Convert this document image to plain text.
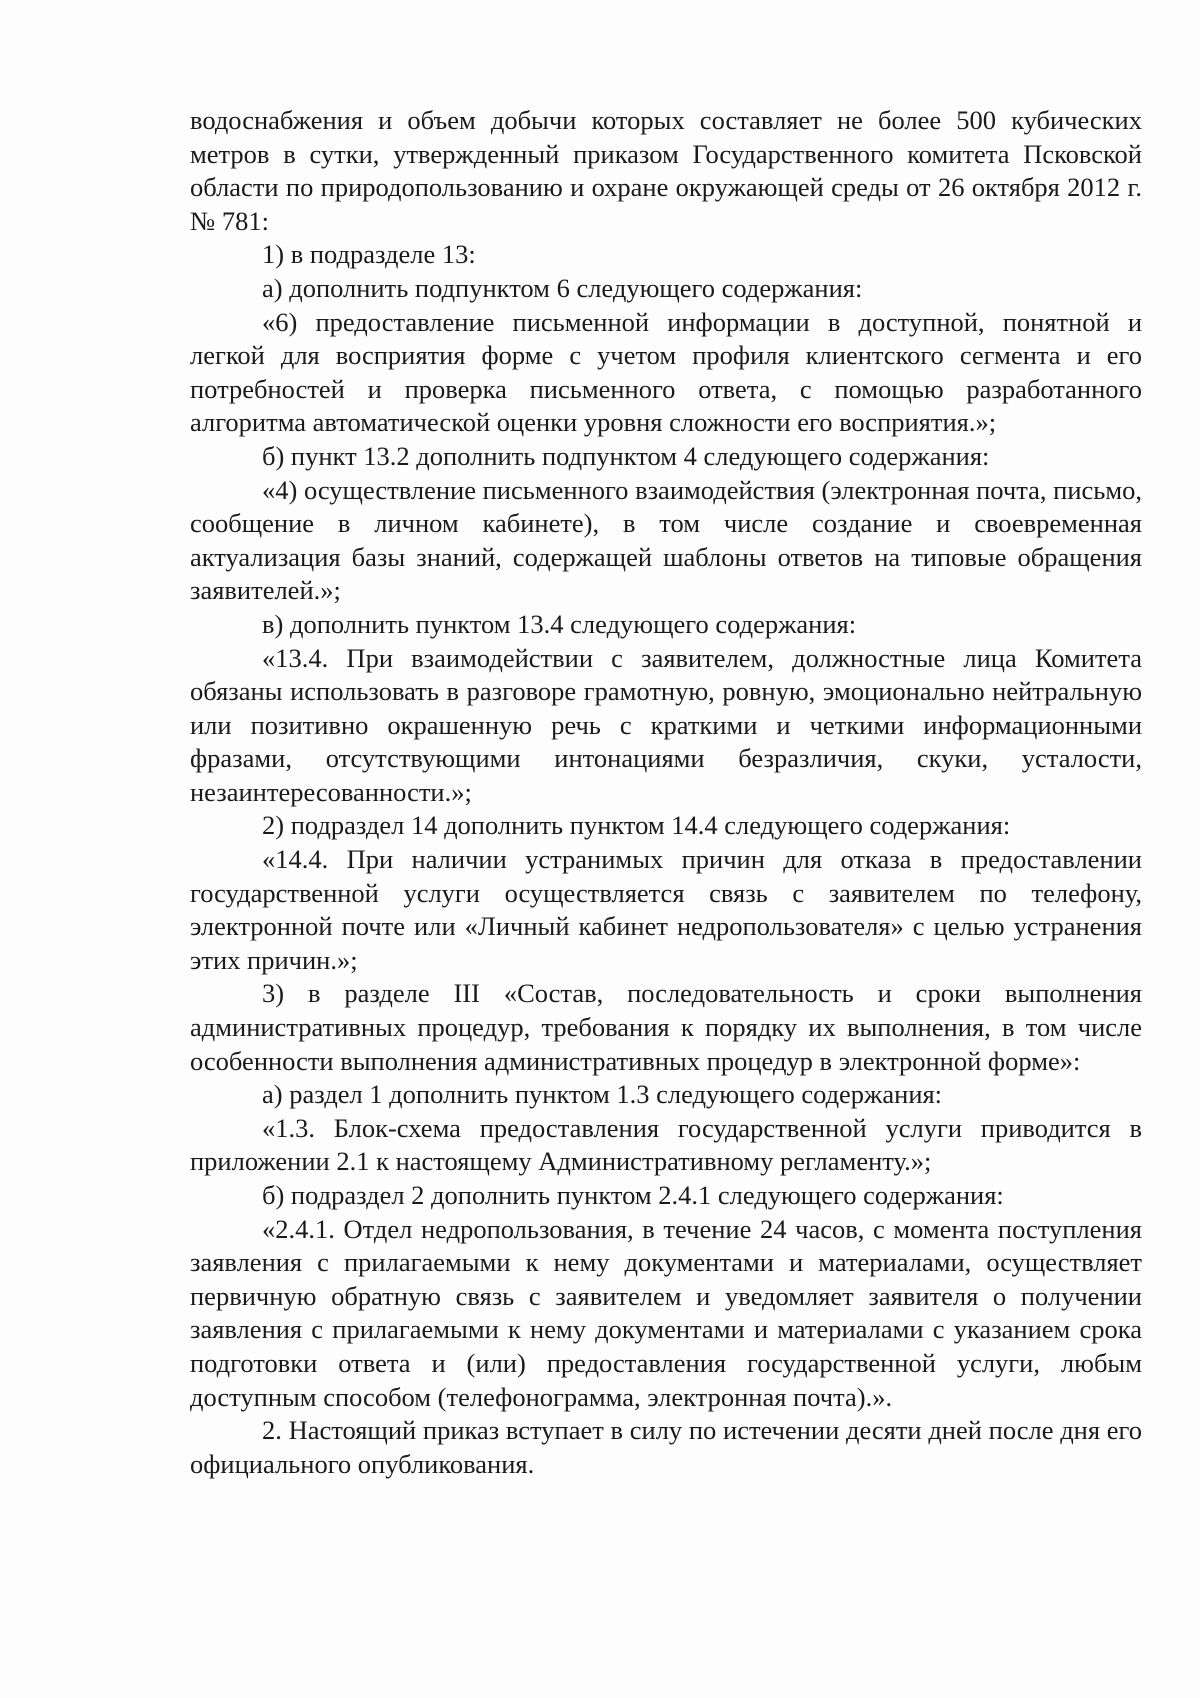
водоснабжения и объем добычи которых составляет не более 500 кубических метров в сутки, утвержденный приказом Государственного комитета Псковской области по природопользованию и охране окружающей среды от 26 октября 2012 г. № 781:

1) в подразделе 13:

а) дополнить подпунктом 6 следующего содержания:

«6) предоставление письменной информации в доступной, понятной и легкой для восприятия форме с учетом профиля клиентского сегмента и его потребностей и проверка письменного ответа, с помощью разработанного алгоритма автоматической оценки уровня сложности его восприятия.»;

б) пункт 13.2 дополнить подпунктом 4 следующего содержания:

«4) осуществление письменного взаимодействия (электронная почта, письмо, сообщение в личном кабинете), в том числе создание и своевременная актуализация базы знаний, содержащей шаблоны ответов на типовые обращения заявителей.»;

в) дополнить пунктом 13.4 следующего содержания:

«13.4. При взаимодействии с заявителем, должностные лица Комитета обязаны использовать в разговоре грамотную, ровную, эмоционально нейтральную или позитивно окрашенную речь с краткими и четкими информационными фразами, отсутствующими интонациями безразличия, скуки, усталости, незаинтересованности.»;

2) подраздел 14 дополнить пунктом 14.4 следующего содержания:

«14.4. При наличии устранимых причин для отказа в предоставлении государственной услуги осуществляется связь с заявителем по телефону, электронной почте или «Личный кабинет недропользователя» с целью устранения этих причин.»;

3) в разделе III «Состав, последовательность и сроки выполнения административных процедур, требования к порядку их выполнения, в том числе особенности выполнения административных процедур в электронной форме»:

а) раздел 1 дополнить пунктом 1.3 следующего содержания:

«1.3. Блок-схема предоставления государственной услуги приводится в приложении 2.1 к настоящему Административному регламенту.»;

б) подраздел 2 дополнить пунктом 2.4.1 следующего содержания:

«2.4.1. Отдел недропользования, в течение 24 часов, с момента поступления заявления с прилагаемыми к нему документами и материалами, осуществляет первичную обратную связь с заявителем и уведомляет заявителя о получении заявления с прилагаемыми к нему документами и материалами с указанием срока подготовки ответа и (или) предоставления государственной услуги, любым доступным способом (телефонограмма, электронная почта).».

2. Настоящий приказ вступает в силу по истечении десяти дней после дня его официального опубликования.
